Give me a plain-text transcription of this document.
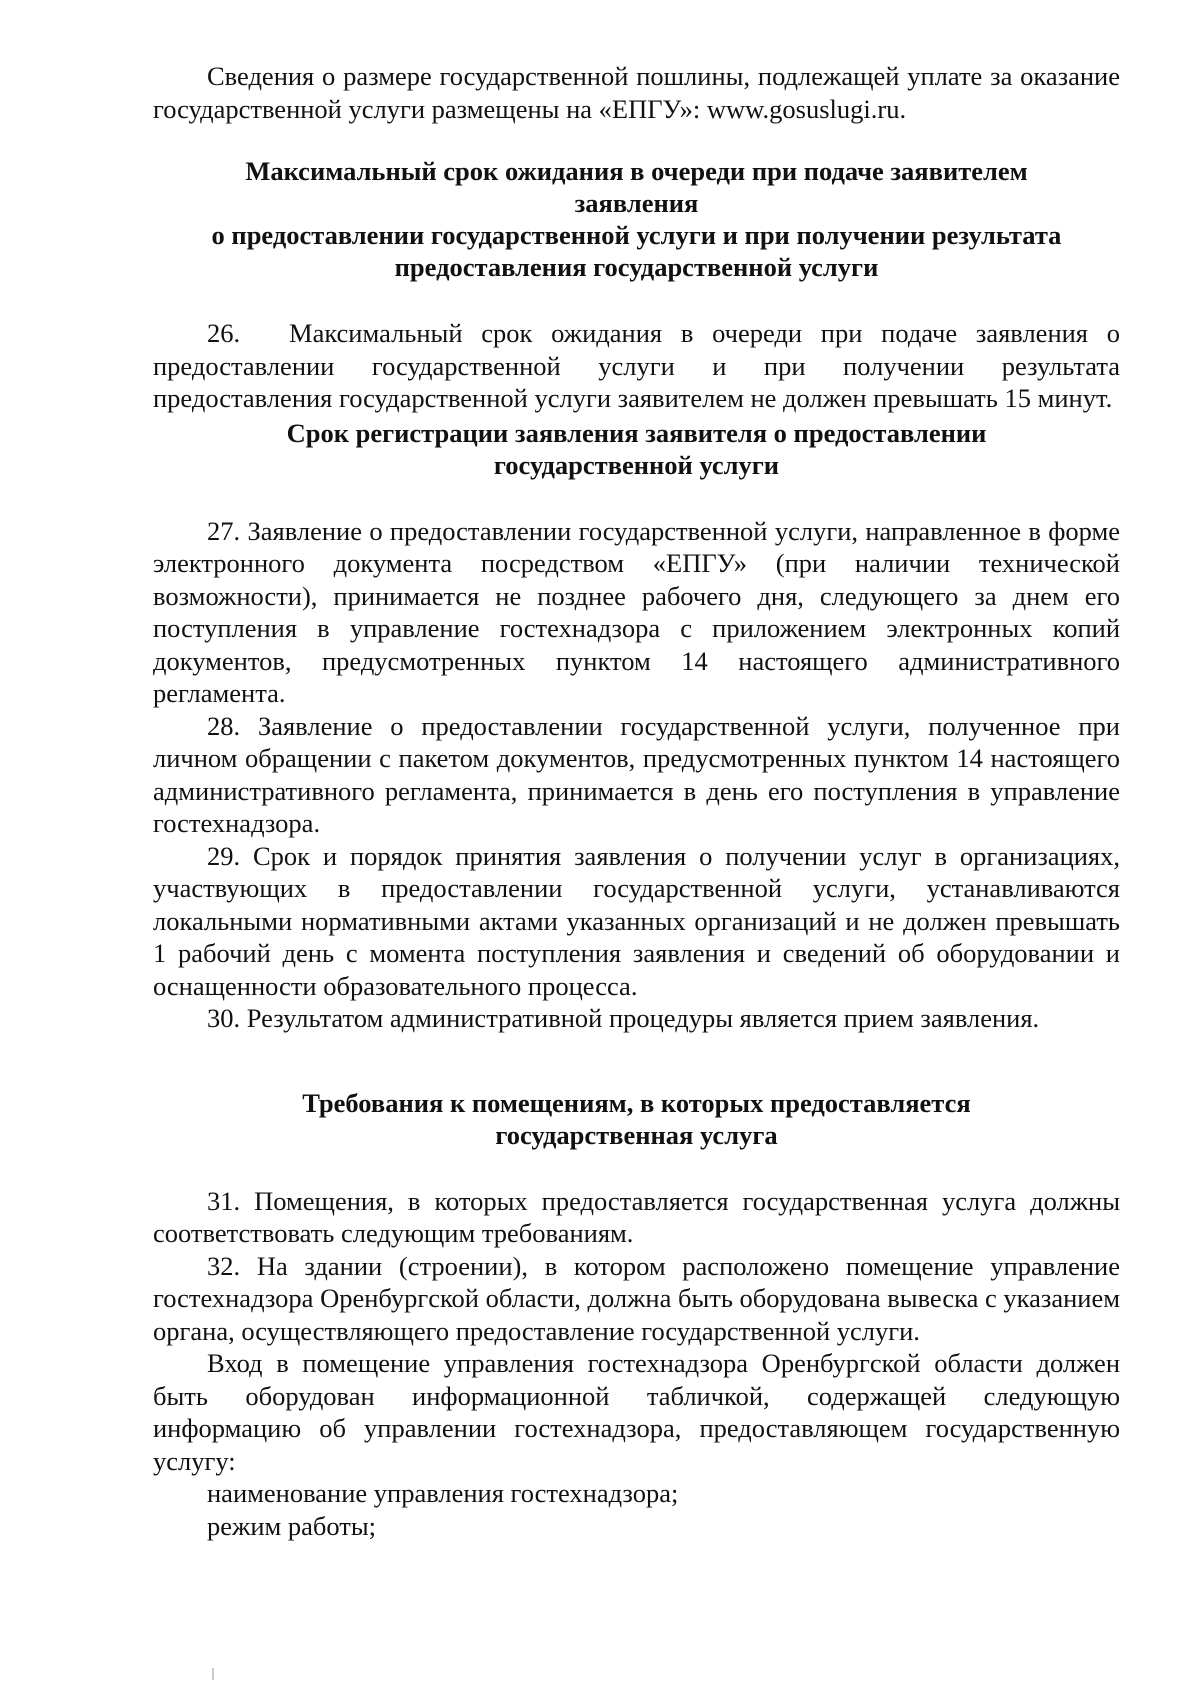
Сведения о размере государственной пошлины, подлежащей уплате за оказание государственной услуги размещены на «ЕПГУ»: www.gosuslugi.ru.

Максимальный срок ожидания в очереди при подаче заявителем
заявления
о предоставлении государственной услуги и при получении результата
предоставления государственной услуги

26. Максимальный срок ожидания в очереди при подаче заявления о предоставлении государственной услуги и при получении результата предоставления государственной услуги заявителем не должен превышать 15 минут.

Срок регистрации заявления заявителя о предоставлении
государственной услуги

27. Заявление о предоставлении государственной услуги, направленное в форме электронного документа посредством «ЕПГУ» (при наличии технической возможности), принимается не позднее рабочего дня, следующего за днем его поступления в управление гостехнадзора с приложением электронных копий документов, предусмотренных пунктом 14 настоящего административного регламента.

28. Заявление о предоставлении государственной услуги, полученное при личном обращении с пакетом документов, предусмотренных пунктом 14 настоящего административного регламента, принимается в день его поступления в управление гостехнадзора.

29. Срок и порядок принятия заявления о получении услуг в организациях, участвующих в предоставлении государственной услуги, устанавливаются локальными нормативными актами указанных организаций и не должен превышать 1 рабочий день с момента поступления заявления и сведений об оборудовании и оснащенности образовательного процесса.

30. Результатом административной процедуры является прием заявления.

Требования к помещениям, в которых предоставляется
государственная услуга

31. Помещения, в которых предоставляется государственная услуга должны соответствовать следующим требованиям.

32. На здании (строении), в котором расположено помещение управление гостехнадзора Оренбургской области, должна быть оборудована вывеска с указанием органа, осуществляющего предоставление государственной услуги.

Вход в помещение управления гостехнадзора Оренбургской области должен быть оборудован информационной табличкой, содержащей следующую информацию об управлении гостехнадзора, предоставляющем государственную услугу:

наименование управления гостехнадзора;

режим работы;
